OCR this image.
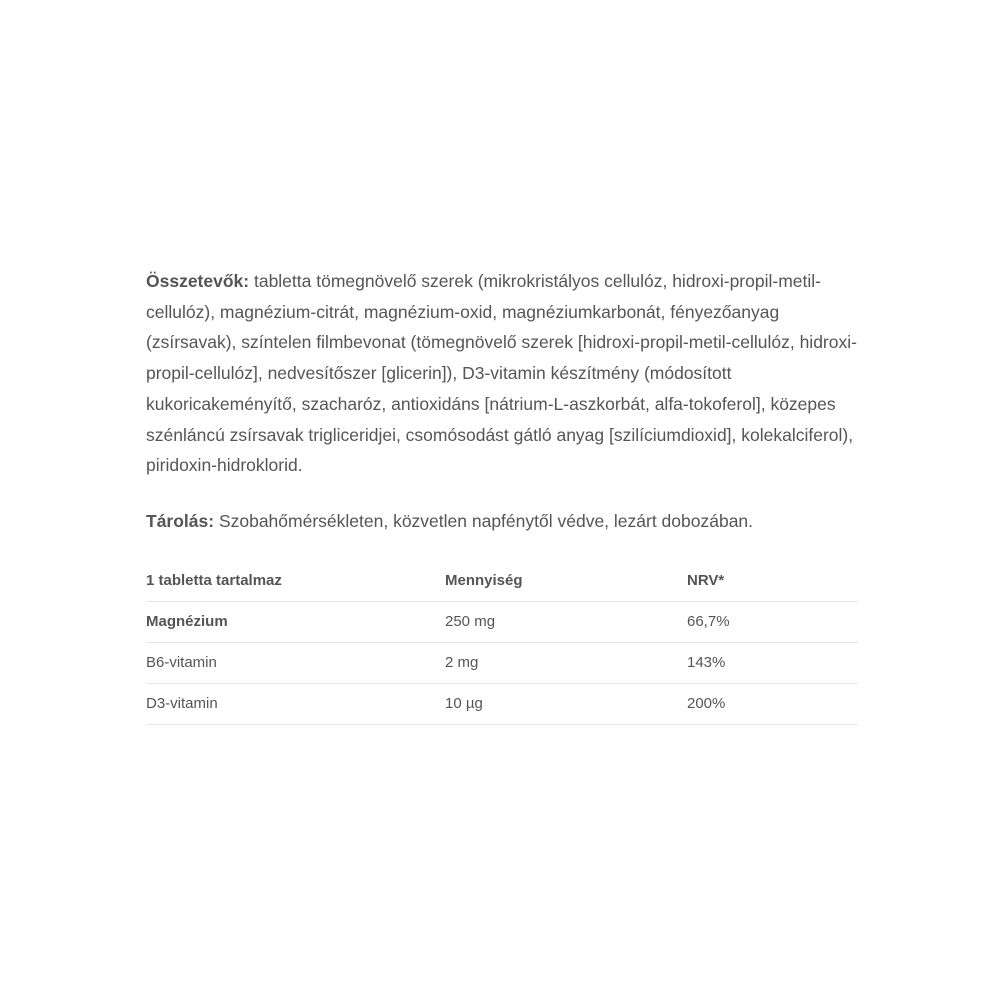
Összetevők: tabletta tömegnövelő szerek (mikrokristályos cellulóz, hidroxi-propil-metil-cellulóz), magnézium-citrát, magnézium-oxid, magnéziumkarbonát, fényezőanyag (zsírsavak), színtelen filmbevonat (tömegnövelő szerek [hidroxi-propil-metil-cellulóz, hidroxi-propil-cellulóz], nedvesítőszer [glicerin]), D3-vitamin készítmény (módosított kukoricakeményítő, szacharóz, antioxidáns [nátrium-L-aszkorbát, alfa-tokoferol], közepes szénláncú zsírsavak trigliceridjei, csomósodást gátló anyag [szilíciumdioxid], kolekalciferol), piridoxin-hidroklorid.

Tárolás: Szobahőmérsékleten, közvetlen napfénytől védve, lezárt dobozában.

1 tabletta tartalmaz	Mennyiség	NRV*
Magnézium	250 mg	66,7%
B6-vitamin	2 mg	143%
D3-vitamin	10 µg	200%
